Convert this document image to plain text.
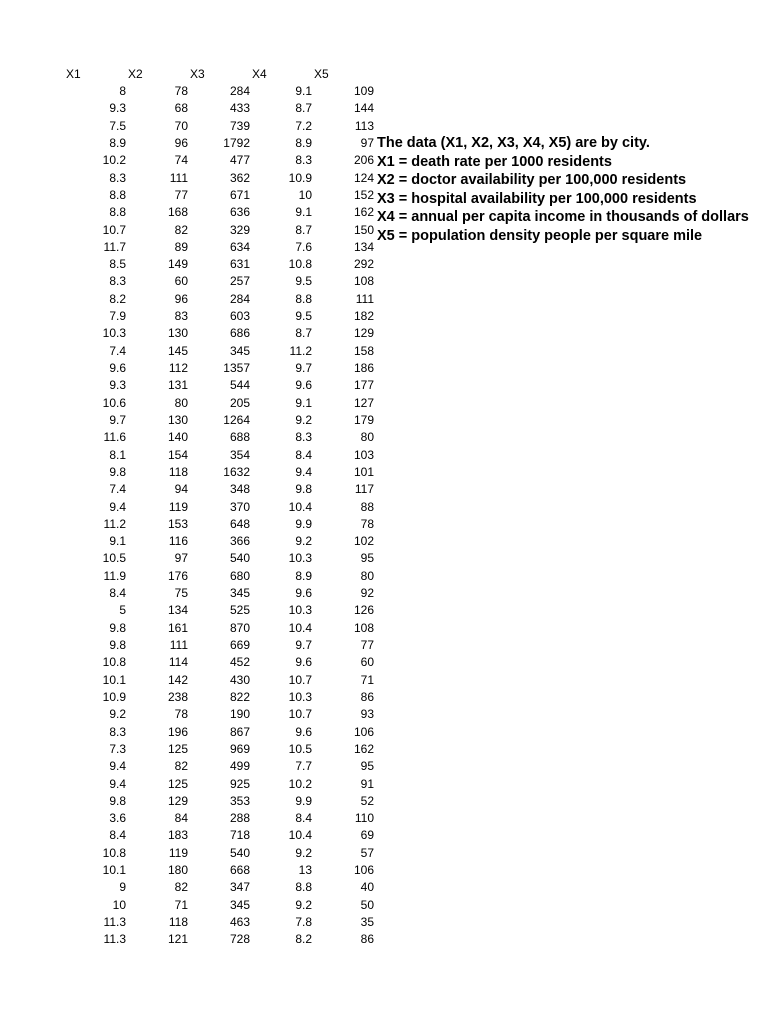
X1	X2	X3	X4	X5
8	78	284	9.1	109
9.3	68	433	8.7	144
7.5	70	739	7.2	113
8.9	96	1792	8.9	97
10.2	74	477	8.3	206
8.3	111	362	10.9	124
8.8	77	671	10	152
8.8	168	636	9.1	162
10.7	82	329	8.7	150
11.7	89	634	7.6	134
8.5	149	631	10.8	292
8.3	60	257	9.5	108
8.2	96	284	8.8	111
7.9	83	603	9.5	182
10.3	130	686	8.7	129
7.4	145	345	11.2	158
9.6	112	1357	9.7	186
9.3	131	544	9.6	177
10.6	80	205	9.1	127
9.7	130	1264	9.2	179
11.6	140	688	8.3	80
8.1	154	354	8.4	103
9.8	118	1632	9.4	101
7.4	94	348	9.8	117
9.4	119	370	10.4	88
11.2	153	648	9.9	78
9.1	116	366	9.2	102
10.5	97	540	10.3	95
11.9	176	680	8.9	80
8.4	75	345	9.6	92
5	134	525	10.3	126
9.8	161	870	10.4	108
9.8	111	669	9.7	77
10.8	114	452	9.6	60
10.1	142	430	10.7	71
10.9	238	822	10.3	86
9.2	78	190	10.7	93
8.3	196	867	9.6	106
7.3	125	969	10.5	162
9.4	82	499	7.7	95
9.4	125	925	10.2	91
9.8	129	353	9.9	52
3.6	84	288	8.4	110
8.4	183	718	10.4	69
10.8	119	540	9.2	57
10.1	180	668	13	106
9	82	347	8.8	40
10	71	345	9.2	50
11.3	118	463	7.8	35
11.3	121	728	8.2	86
The data (X1, X2, X3, X4, X5) are by city.
X1 = death rate per 1000 residents
X2 = doctor availability per 100,000 residents
X3 = hospital availability per 100,000 residents
X4 = annual per capita income in thousands of dollars
X5 = population density people per square mile
